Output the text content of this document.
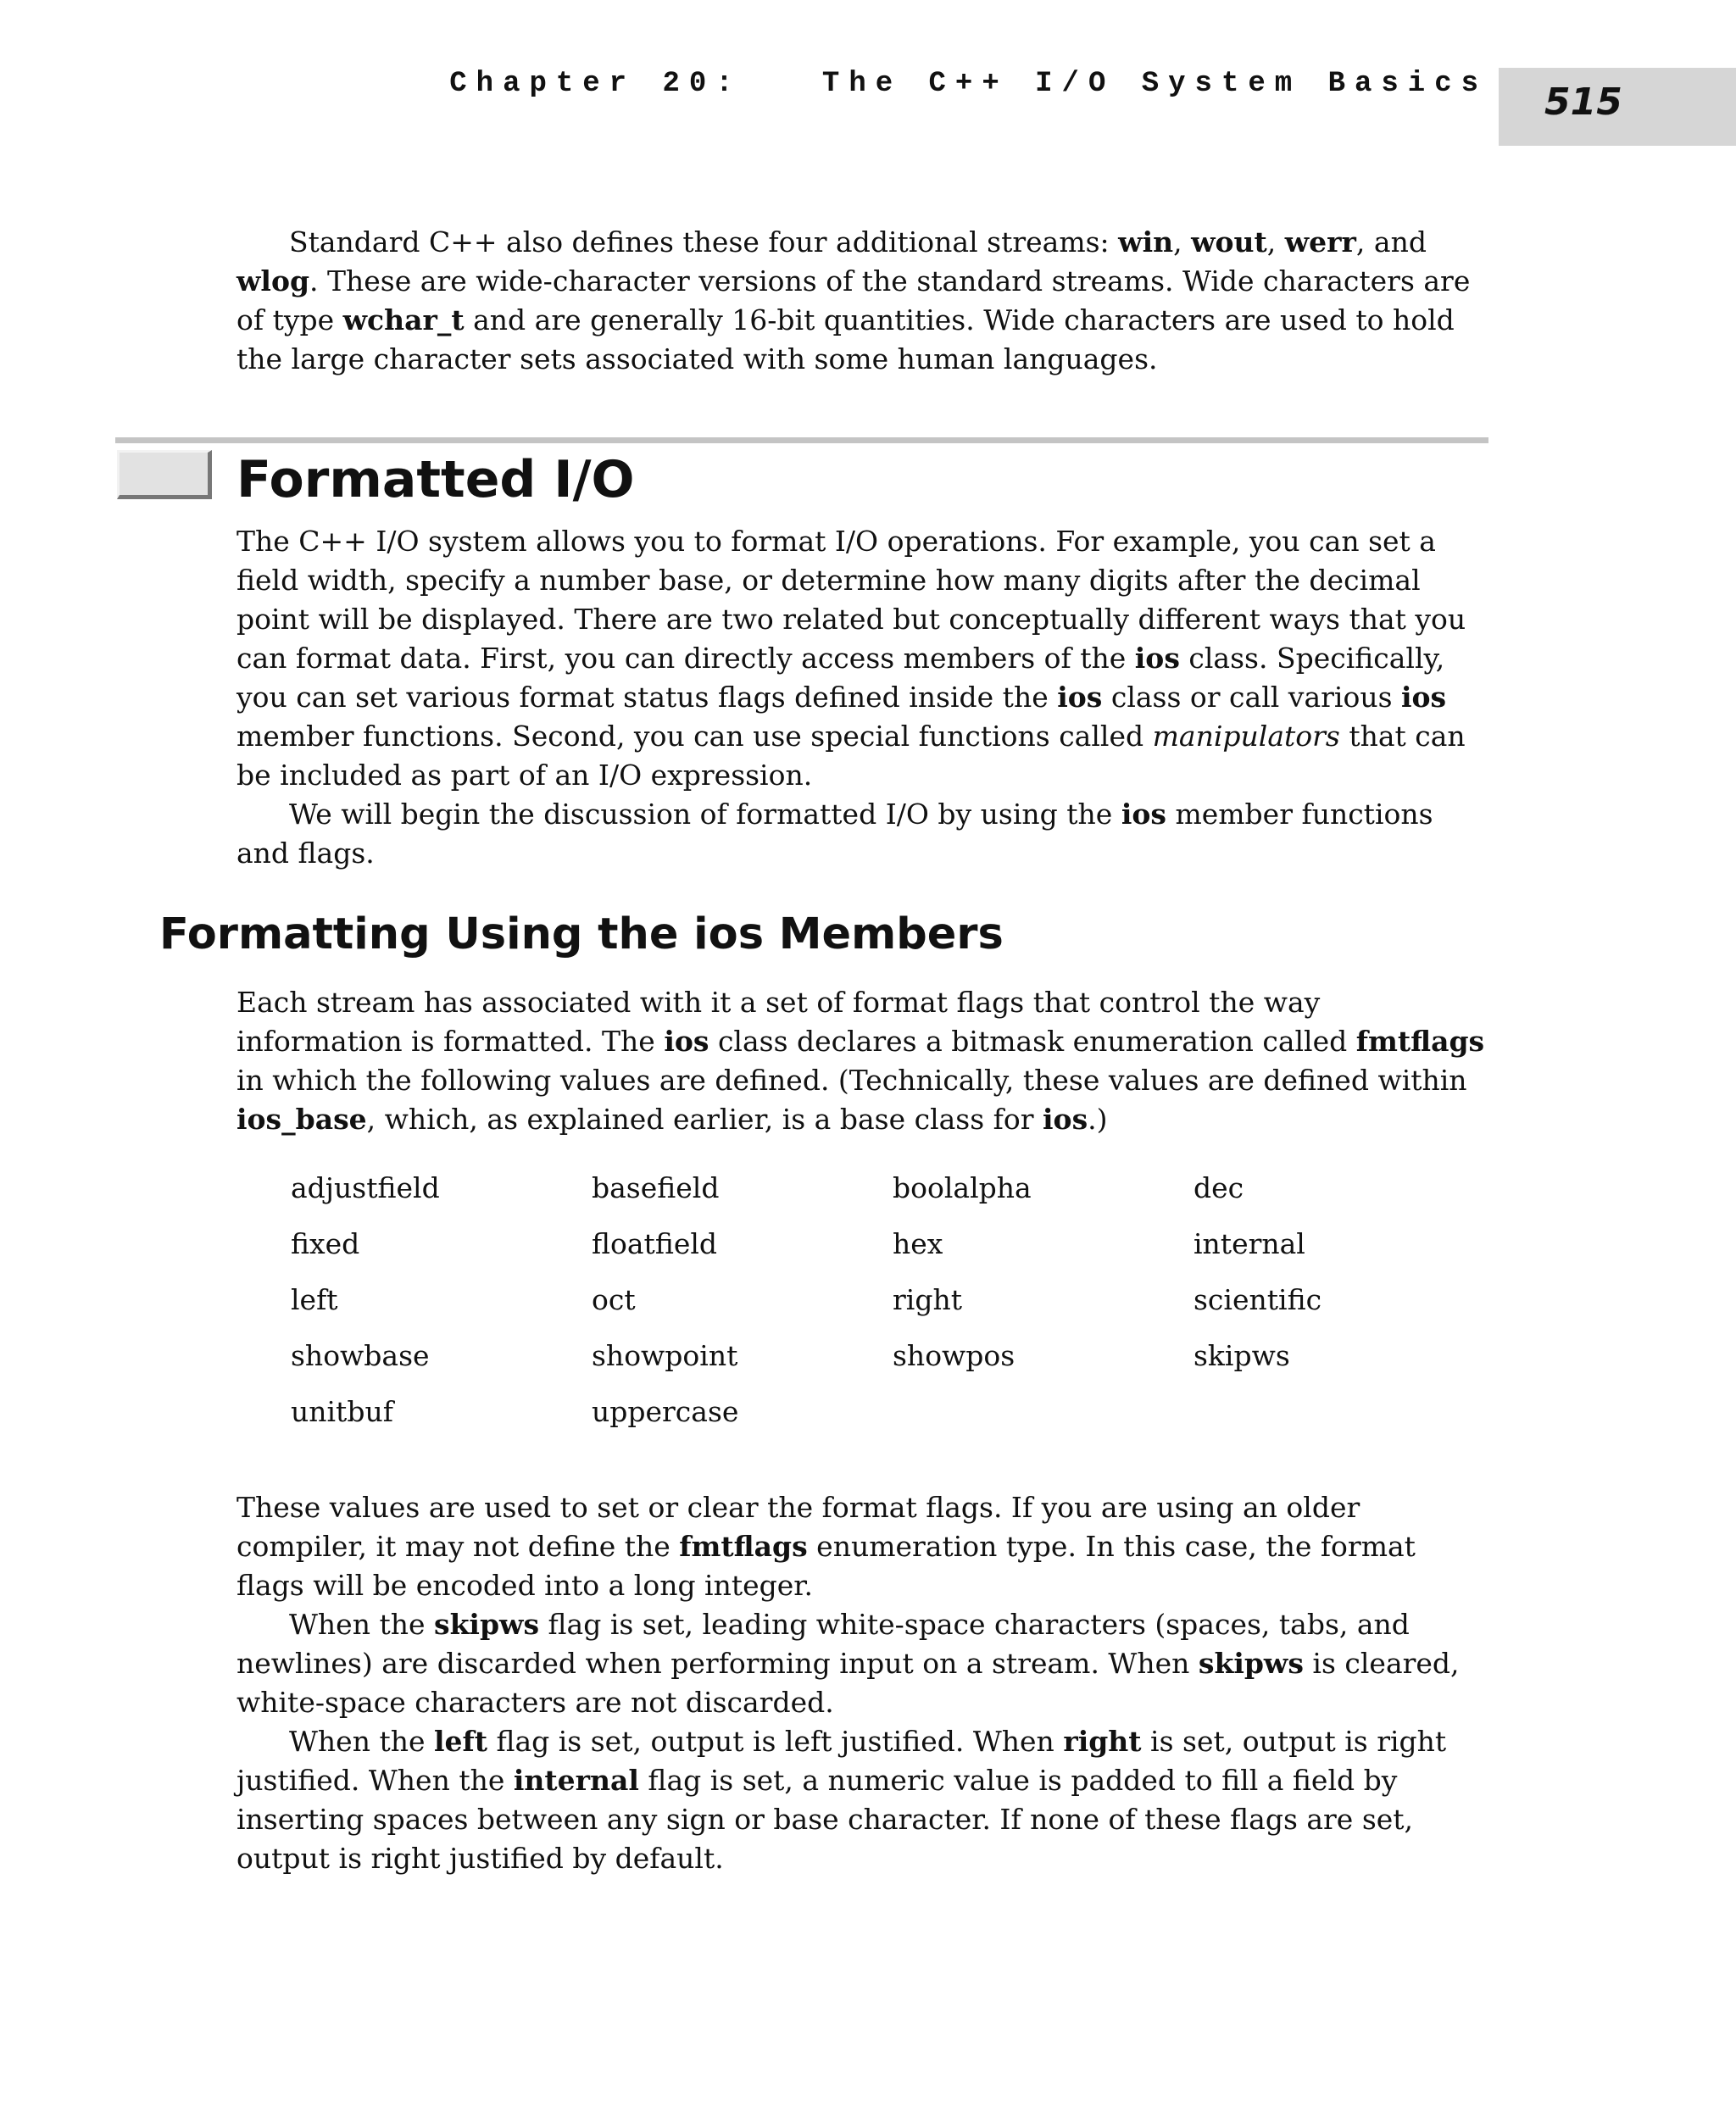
Chapter 20:   The C++ I/O System Basics 515

Standard C++ also defines these four additional streams: win, wout, werr, and wlog. These are wide-character versions of the standard streams. Wide characters are of type wchar_t and are generally 16-bit quantities. Wide characters are used to hold the large character sets associated with some human languages.

Formatted I/O

The C++ I/O system allows you to format I/O operations. For example, you can set a field width, specify a number base, or determine how many digits after the decimal point will be displayed. There are two related but conceptually different ways that you can format data. First, you can directly access members of the ios class. Specifically, you can set various format status flags defined inside the ios class or call various ios member functions. Second, you can use special functions called manipulators that can be included as part of an I/O expression.

We will begin the discussion of formatted I/O by using the ios member functions and flags.

Formatting Using the ios Members

Each stream has associated with it a set of format flags that control the way information is formatted. The ios class declares a bitmask enumeration called fmtflags in which the following values are defined. (Technically, these values are defined within ios_base, which, as explained earlier, is a base class for ios.)

adjustfield	basefield	boolalpha	dec
fixed	floatfield	hex	internal
left	oct	right	scientific
showbase	showpoint	showpos	skipws
unitbuf	uppercase

These values are used to set or clear the format flags. If you are using an older compiler, it may not define the fmtflags enumeration type. In this case, the format flags will be encoded into a long integer.

When the skipws flag is set, leading white-space characters (spaces, tabs, and newlines) are discarded when performing input on a stream. When skipws is cleared, white-space characters are not discarded.

When the left flag is set, output is left justified. When right is set, output is right justified. When the internal flag is set, a numeric value is padded to fill a field by inserting spaces between any sign or base character. If none of these flags are set, output is right justified by default.
